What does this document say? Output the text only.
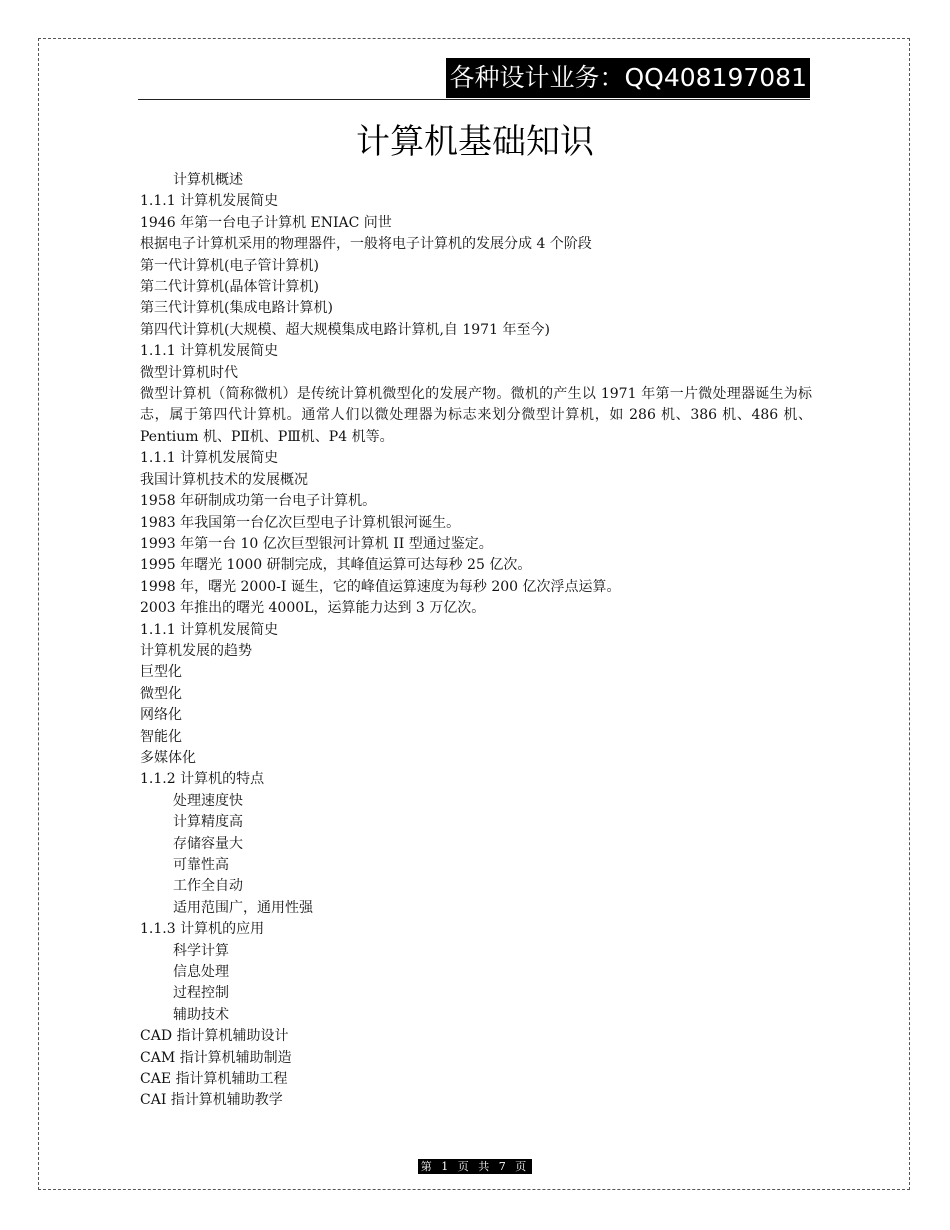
各种设计业务：QQ408197081
计算机基础知识
计算机概述
1.1.1 计算机发展简史
1946 年第一台电子计算机 ENIAC 问世
根据电子计算机采用的物理器件，一般将电子计算机的发展分成 4 个阶段
第一代计算机(电子管计算机)
第二代计算机(晶体管计算机)
第三代计算机(集成电路计算机)
第四代计算机(大规模、超大规模集成电路计算机,自 1971 年至今)
1.1.1 计算机发展简史
微型计算机时代
微型计算机（简称微机）是传统计算机微型化的发展产物。微机的产生以 1971 年第一片微处理器诞生为标志，属于第四代计算机。通常人们以微处理器为标志来划分微型计算机，如 286 机、386 机、486 机、Pentium 机、PⅡ机、PⅢ机、P4 机等。
1.1.1 计算机发展简史
我国计算机技术的发展概况
1958 年研制成功第一台电子计算机。
1983 年我国第一台亿次巨型电子计算机银河诞生。
1993 年第一台 10 亿次巨型银河计算机 II 型通过鉴定。
1995 年曙光 1000 研制完成，其峰值运算可达每秒 25 亿次。
1998 年，曙光 2000-I 诞生，它的峰值运算速度为每秒 200 亿次浮点运算。
2003 年推出的曙光 4000L，运算能力达到 3 万亿次。
1.1.1 计算机发展简史
计算机发展的趋势
巨型化
微型化
网络化
智能化
多媒体化
1.1.2 计算机的特点
处理速度快
计算精度高
存储容量大
可靠性高
工作全自动
适用范围广，通用性强
1.1.3 计算机的应用
科学计算
信息处理
过程控制
辅助技术
CAD 指计算机辅助设计
CAM 指计算机辅助制造
CAE 指计算机辅助工程
CAI 指计算机辅助教学
第 1 页 共 7 页
